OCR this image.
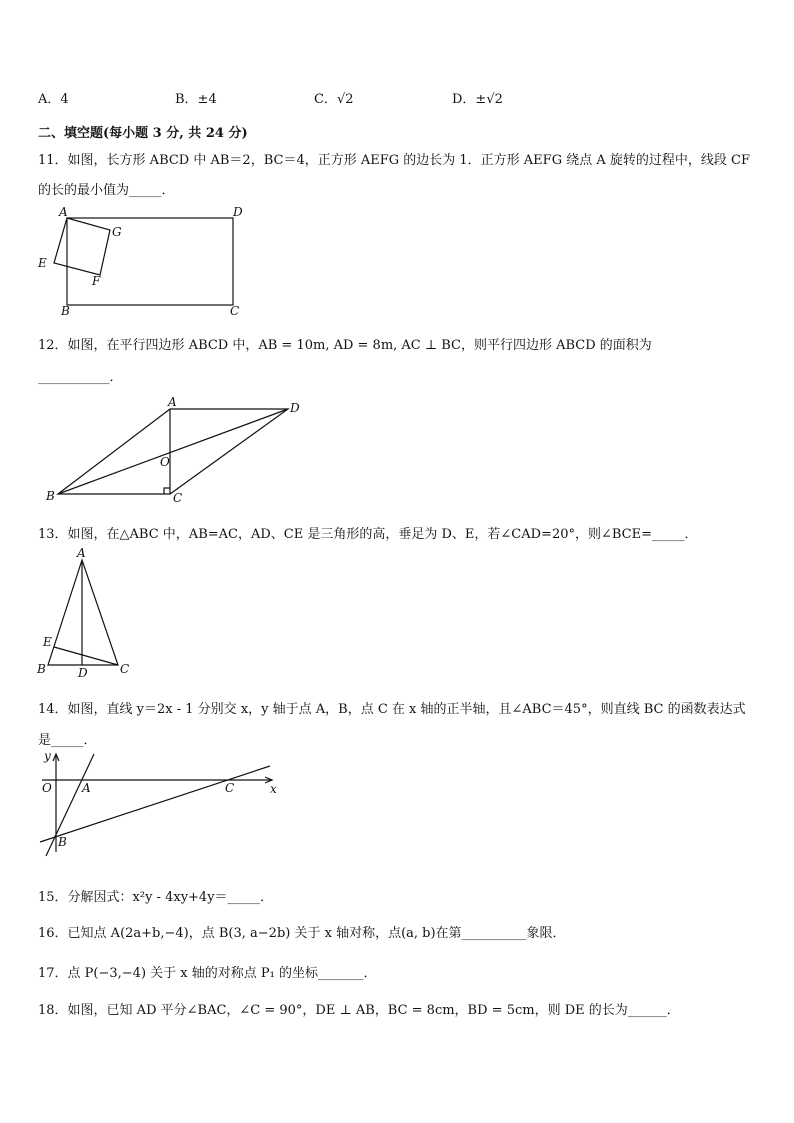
A．4	B．±4	C．√2	D．±√2
二、填空题(每小题 3 分, 共 24 分)
11．如图，长方形 ABCD 中 AB＝2，BC＝4，正方形 AEFG 的边长为 1．正方形 AEFG 绕点 A 旋转的过程中，线段 CF
的长的最小值为_____．
A	D
G
E
F
B	C
12．如图，在平行四边形 ABCD 中，AB = 10m, AD = 8m, AC ⊥ BC，则平行四边形 ABCD 的面积为
___________．
A	D
O
B	C
13．如图，在△ABC 中，AB=AC，AD、CE 是三角形的高，垂足为 D、E，若∠CAD=20°，则∠BCE=_____．
A
E
B	D	C
14．如图，直线 y＝2x - 1 分别交 x，y 轴于点 A，B，点 C 在 x 轴的正半轴，且∠ABC＝45°，则直线 BC 的函数表达式
是_____．
y
O	A	C	x
B
15．分解因式：x²y - 4xy+4y＝_____．
16．已知点 A(2a+b,−4)，点 B(3, a−2b) 关于 x 轴对称，点(a, b)在第__________象限．
17．点 P(−3,−4) 关于 x 轴的对称点 P₁ 的坐标_______．
18．如图，已知 AD 平分∠BAC，∠C = 90°，DE ⊥ AB，BC = 8cm，BD = 5cm，则 DE 的长为______．
